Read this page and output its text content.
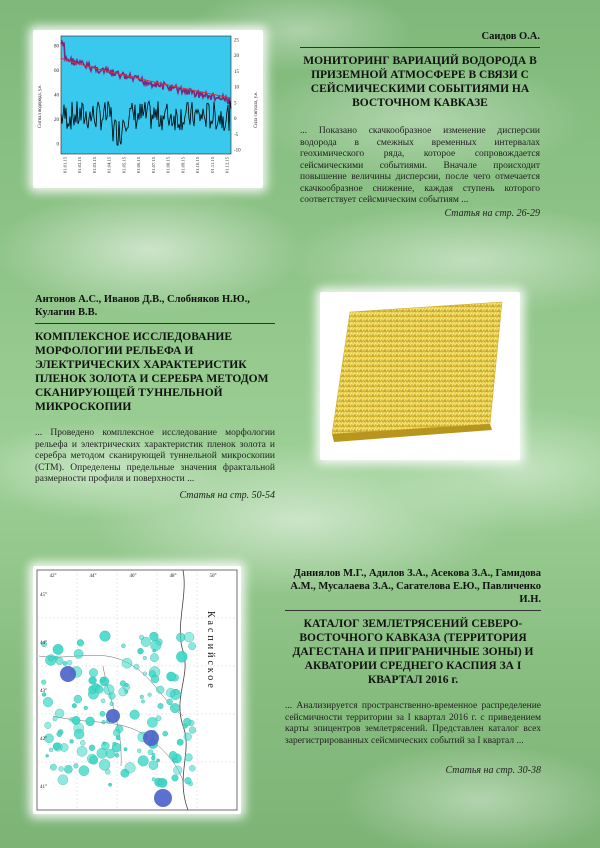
80
60
40
20
0
25
20
15
10
5
0
-5
-10
01.01.15 01.02.15 01.03.15 01.04.15 01.05.15 01.06.15 01.07.15 01.08.15 01.09.15 01.10.15 01.11.15 01.12.15
Сигнал водорода, у.е.	Сила сигнала, у.е.
Саидов О.А.
МОНИТОРИНГ ВАРИАЦИЙ ВОДОРОДА В ПРИЗЕМНОЙ АТМОСФЕРЕ В СВЯЗИ С СЕЙСМИЧЕСКИМИ СОБЫТИЯМИ НА ВОСТОЧНОМ КАВКАЗЕ
... Показано скачкообразное изменение дисперсии водорода в смежных временных интервалах геохимического ряда, которое сопровождается сейсмическими событиями. Вначале происходит повышение величины дисперсии, после чего отмечается скачкообразное снижение, каждая ступень которого соответствует сейсмическим событиям ...
Статья на стр. 26-29
Антонов А.С., Иванов Д.В., Слобняков Н.Ю., Кулагин В.В.
КОМПЛЕКСНОЕ ИССЛЕДОВАНИЕ МОРФОЛОГИИ РЕЛЬЕФА И ЭЛЕКТРИЧЕСКИХ ХАРАКТЕРИСТИК ПЛЕНОК ЗОЛОТА И СЕРЕБРА МЕТОДОМ СКАНИРУЮЩЕЙ ТУННЕЛЬНОЙ МИКРОСКОПИИ
... Проведено комплексное исследование морфологии рельефа и электрических характеристик пленок золота и серебра методом сканирующей туннельной микроскопии (СТМ). Определены предельные значения фрактальной размерности профиля и поверхности ...
Статья на стр. 50-54
Каспийское
42°	44°	46°	48°	50°
45°
44°
43°
42°
41°
Даниялов М.Г., Адилов З.А., Асекова З.А., Гамидова А.М., Мусалаева З.А., Сагателова Е.Ю., Павличенко И.Н.
КАТАЛОГ ЗЕМЛЕТРЯСЕНИЙ СЕВЕРО-ВОСТОЧНОГО КАВКАЗА (ТЕРРИТОРИЯ ДАГЕСТАНА И ПРИГРАНИЧНЫЕ ЗОНЫ) И АКВАТОРИИ СРЕДНЕГО КАСПИЯ ЗА I КВАРТАЛ 2016 г.
... Анализируется пространственно-временное распределение сейсмичности территории за I квартал 2016 г. с приведением карты эпицентров землетрясений. Представлен каталог всех зарегистрированных сейсмических событий за I квартал ...
Статья на стр. 30-38
